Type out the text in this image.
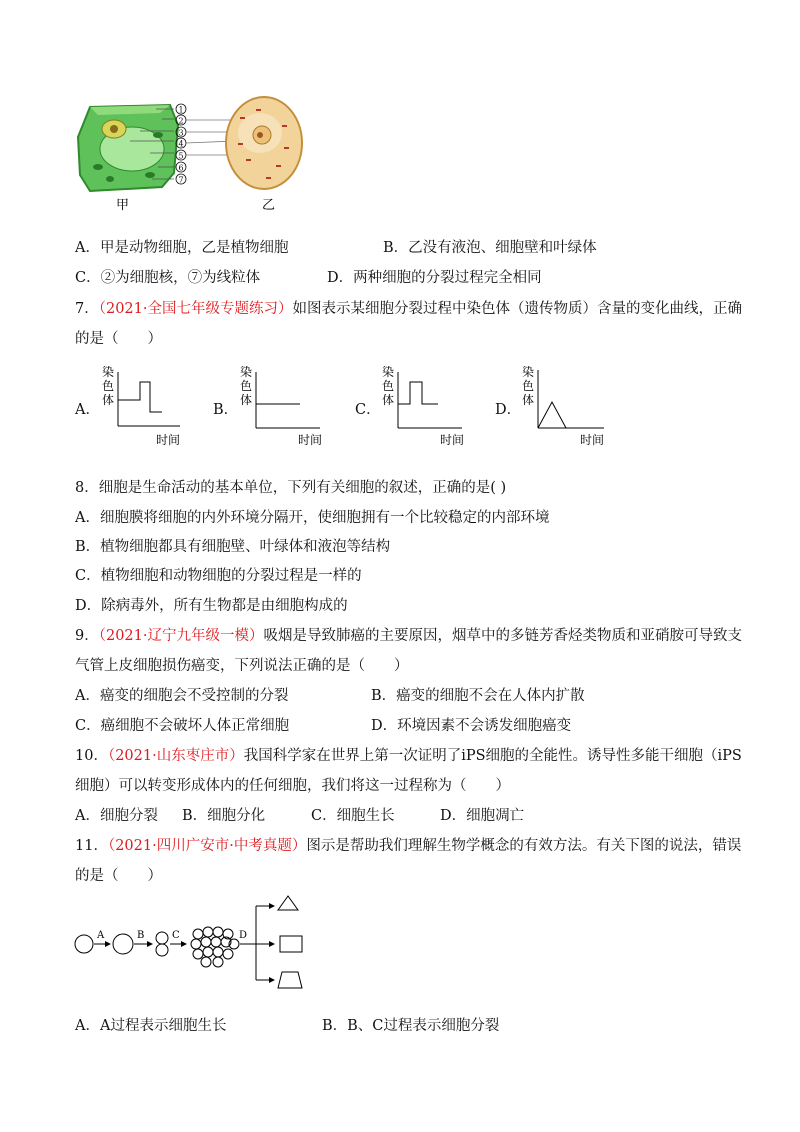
1
2
3
4
5
6
7
甲	乙
A．甲是动物细胞，乙是植物细胞	B．乙没有液泡、细胞壁和叶绿体
C．②为细胞核，⑦为线粒体	D．两种细胞的分裂过程完全相同
7．（2021·全国七年级专题练习）如图表示某细胞分裂过程中染色体（遗传物质）含量的变化曲线，正确
的是（　　）
A．
染
色
体
时间
B．
染
色
体
时间
C．
染
色
体
时间
D．
染
色
体
时间
8．细胞是生命活动的基本单位，下列有关细胞的叙述，正确的是( )
A．细胞膜将细胞的内外环境分隔开，使细胞拥有一个比较稳定的内部环境
B．植物细胞都具有细胞壁、叶绿体和液泡等结构
C．植物细胞和动物细胞的分裂过程是一样的
D．除病毒外，所有生物都是由细胞构成的
9．（2021·辽宁九年级一模）吸烟是导致肺癌的主要原因，烟草中的多链芳香烃类物质和亚硝胺可导致支
气管上皮细胞损伤癌变，下列说法正确的是（　　）
A．癌变的细胞会不受控制的分裂	B．癌变的细胞不会在人体内扩散
C．癌细胞不会破坏人体正常细胞	D．环境因素不会诱发细胞癌变
10．（2021·山东枣庄市）我国科学家在世界上第一次证明了iPS细胞的全能性。诱导性多能干细胞（iPS
细胞）可以转变形成体内的任何细胞，我们将这一过程称为（　　）
A．细胞分裂 B．细胞分化	C．细胞生长	D．细胞凋亡
11．（2021·四川广安市·中考真题）图示是帮助我们理解生物学概念的有效方法。有关下图的说法，错误
的是（　　）
A	B	C	D
A．A过程表示细胞生长	B．B、C过程表示细胞分裂
